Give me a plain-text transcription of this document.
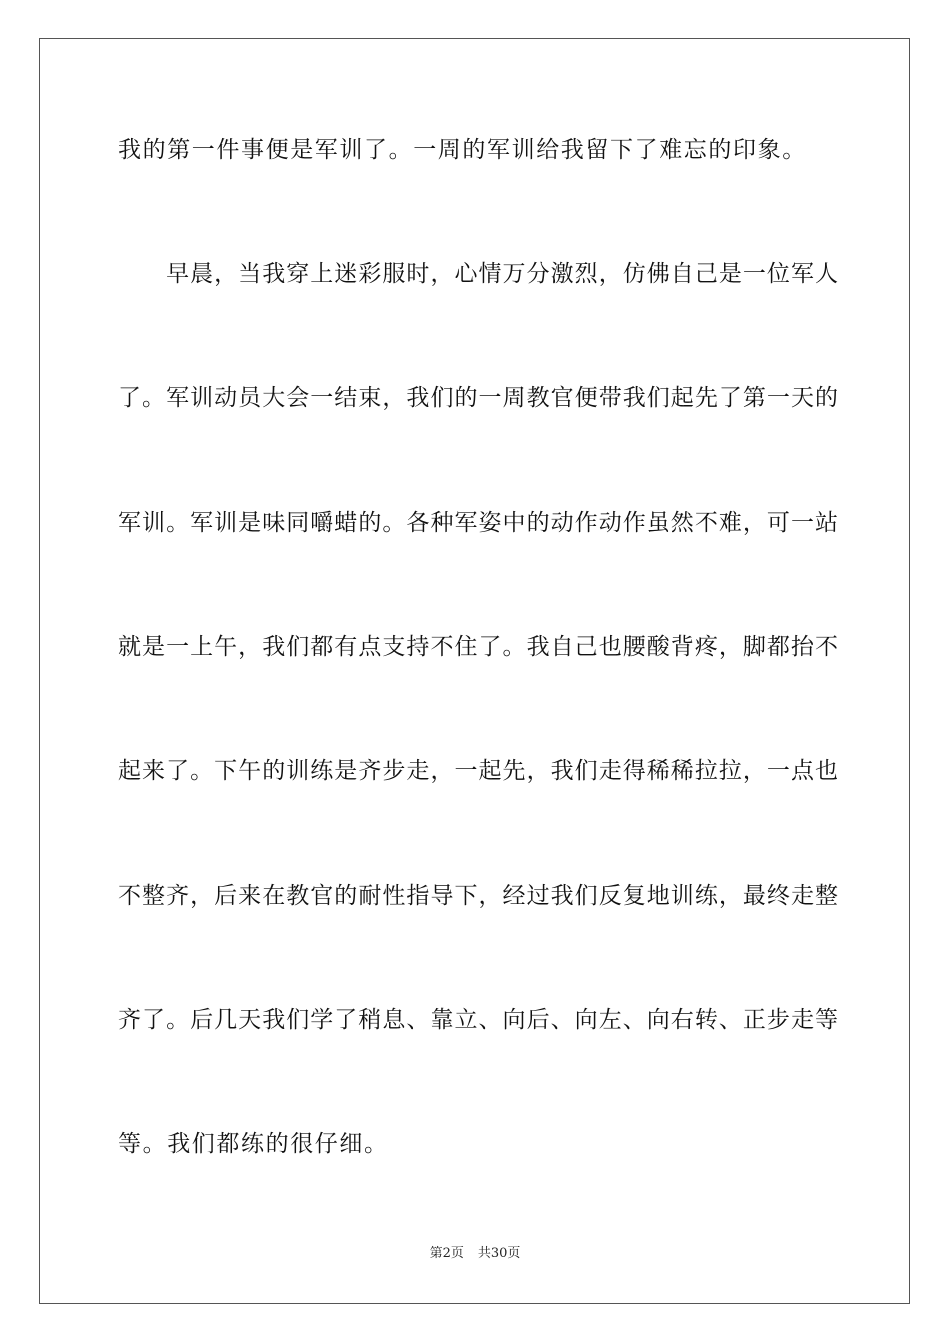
我的第一件事便是军训了。一周的军训给我留下了难忘的印象。
　　早晨，当我穿上迷彩服时，心情万分激烈，仿佛自己是一位军人
了。军训动员大会一结束，我们的一周教官便带我们起先了第一天的
军训。军训是味同嚼蜡的。各种军姿中的动作动作虽然不难，可一站
就是一上午，我们都有点支持不住了。我自己也腰酸背疼，脚都抬不
起来了。下午的训练是齐步走，一起先，我们走得稀稀拉拉，一点也
不整齐，后来在教官的耐性指导下，经过我们反复地训练，最终走整
齐了。后几天我们学了稍息、靠立、向后、向左、向右转、正步走等
等。我们都练的很仔细。
第2页 共30页
